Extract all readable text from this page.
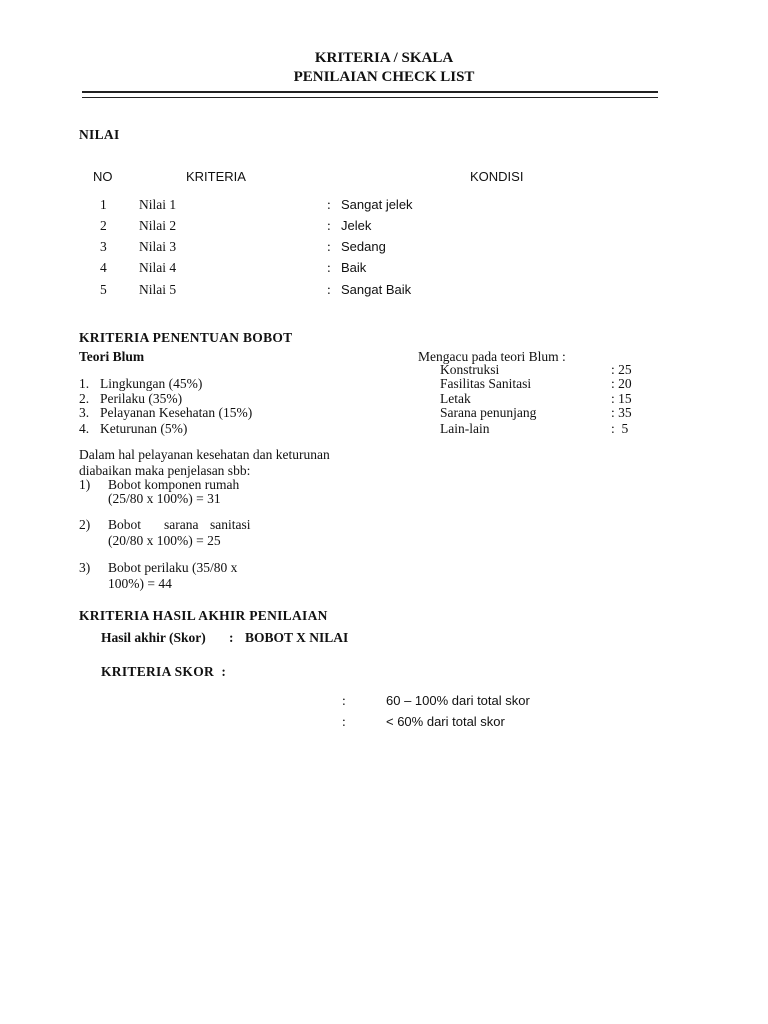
KRITERIA / SKALA
PENILAIAN CHECK LIST
NILAI
NO	KRITERIA	KONDISI
1 Nilai 1	: Sangat jelek
2 Nilai 2	: Jelek
3 Nilai 3	: Sedang
4 Nilai 4	: Baik
5 Nilai 5	: Sangat Baik
KRITERIA PENENTUAN BOBOT
Teori Blum
1. Lingkungan (45%)
2. Perilaku (35%)
3. Pelayanan Kesehatan (15%)
4. Keturunan (5%)
Mengacu pada teori Blum :
Konstruksi	: 25
Fasilitas Sanitasi	: 20
Letak	: 15
Sarana penunjang	: 35
Lain-lain	:  5
Dalam hal pelayanan kesehatan dan keturunan
diabaikan maka penjelasan sbb:
1) Bobot komponen rumah
(25/80 x 100%) = 31
2) Bobot sarana sanitasi
(20/80 x 100%) = 25
3) Bobot perilaku (35/80 x
100%) = 44
KRITERIA HASIL AKHIR PENILAIAN
Hasil akhir (Skor) : BOBOT X NILAI
KRITERIA SKOR  :
:	60 – 100% dari total skor
:	< 60% dari total skor
